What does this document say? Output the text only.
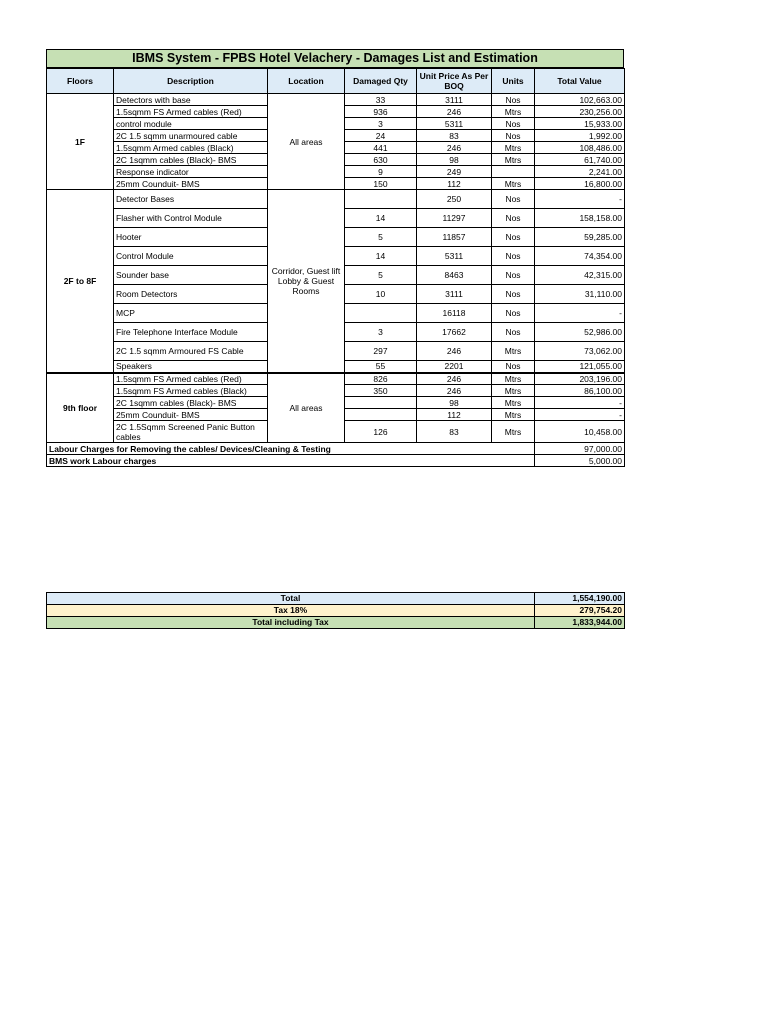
IBMS System - FPBS Hotel Velachery - Damages List and Estimation
Floors	Description	Location	Damaged Qty	Unit Price As Per BOQ	Units	Total Value
1F	Detectors with base	All areas	33	3111	Nos	102,663.00
	1.5sqmm FS Armed cables (Red)		936	246	Mtrs	230,256.00
	control module		3	5311	Nos	15,933.00
	2C 1.5 sqmm unarmoured cable		24	83	Nos	1,992.00
	1.5sqmm Armed cables (Black)		441	246	Mtrs	108,486.00
	2C 1sqmm cables (Black)- BMS		630	98	Mtrs	61,740.00
	Response indicator		9	249		2,241.00
	25mm Counduit- BMS		150	112	Mtrs	16,800.00
2F to 8F	Detector Bases	Corridor, Guest lift Lobby & Guest Rooms		250	Nos	-
	Flasher with Control Module		14	11297	Nos	158,158.00
	Hooter		5	11857	Nos	59,285.00
	Control Module		14	5311	Nos	74,354.00
	Sounder base		5	8463	Nos	42,315.00
	Room Detectors		10	3111	Nos	31,110.00
	MCP			16118	Nos	-
	Fire Telephone Interface Module		3	17662	Nos	52,986.00
	2C 1.5 sqmm Armoured FS Cable		297	246	Mtrs	73,062.00
	Speakers		55	2201	Nos	121,055.00
9th floor	1.5sqmm FS Armed cables (Red)	All areas	826	246	Mtrs	203,196.00
	1.5sqmm FS Armed cables (Black)		350	246	Mtrs	86,100.00
	2C 1sqmm cables (Black)- BMS			98	Mtrs	-
	25mm Counduit- BMS			112	Mtrs	-
	2C 1.5Sqmm Screened Panic Button cables		126	83	Mtrs	10,458.00
Labour Charges for Removing the cables/ Devices/Cleaning & Testing						97,000.00
BMS work Labour charges						5,000.00
Total	1,554,190.00
Tax 18%	279,754.20
Total including Tax	1,833,944.00
